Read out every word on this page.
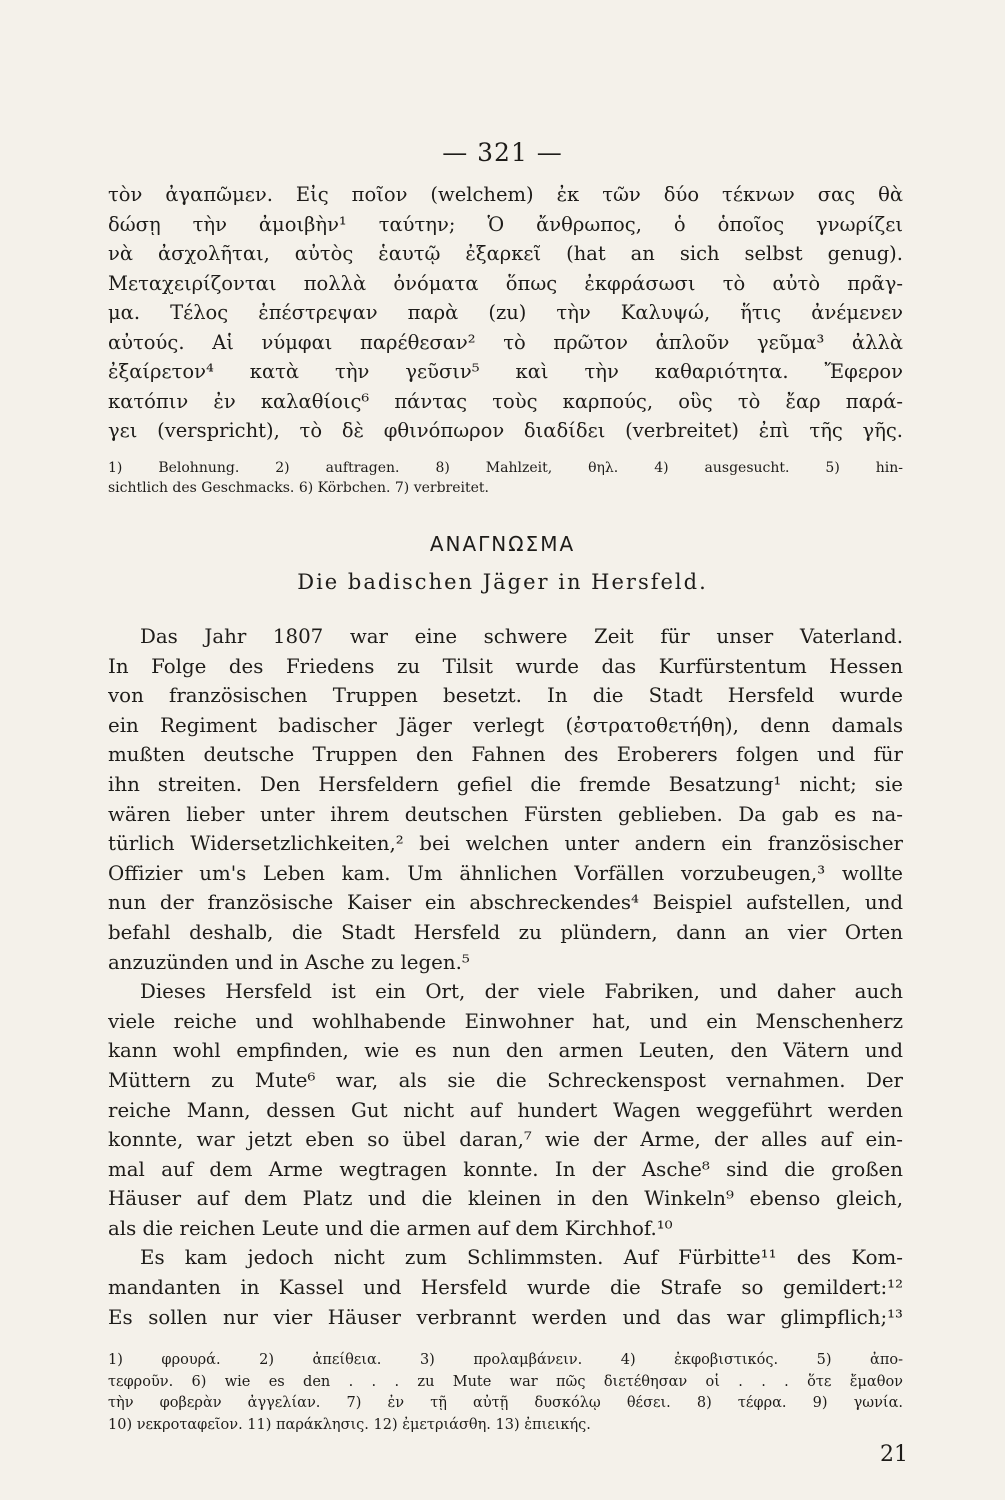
— 321 —
τὸν ἀγαπῶμεν. Εἰς ποῖον (welchem) ἐκ τῶν δύο τέκνων σας θὰ
δώσῃ τὴν ἀμοιβὴν¹ ταύτην; Ὁ ἄνθρωπος, ὁ ὁποῖος γνωρίζει
νὰ ἀσχολῆται, αὐτὸς ἑαυτῷ ἐξαρκεῖ (hat an sich selbst genug).
Μεταχειρίζονται πολλὰ ὀνόματα ὅπως ἐκφράσωσι τὸ αὐτὸ πρᾶγ-
μα. Τέλος ἐπέστρεψαν παρὰ (zu) τὴν Καλυψώ, ἥτις ἀνέμενεν
αὐτούς. Αἱ νύμφαι παρέθεσαν² τὸ πρῶτον ἁπλοῦν γεῦμα³ ἀλλὰ
ἐξαίρετον⁴ κατὰ τὴν γεῦσιν⁵ καὶ τὴν καθαριότητα. Ἔφερον
κατόπιν ἐν καλαθίοις⁶ πάντας τοὺς καρπούς, οὓς τὸ ἔαρ παρά-
γει (verspricht), τὸ δὲ φθινόπωρον διαδίδει (verbreitet) ἐπὶ τῆς γῆς.
1) Belohnung. 2) auftragen. 8) Mahlzeit, θηλ. 4) ausgesucht. 5) hin-
sichtlich des Geschmacks. 6) Körbchen. 7) verbreitet.
ΑΝΑΓΝΩΣΜΑ
Die badischen Jäger in Hersfeld.
Das Jahr 1807 war eine schwere Zeit für unser Vaterland.
In Folge des Friedens zu Tilsit wurde das Kurfürstentum Hessen
von französischen Truppen besetzt. In die Stadt Hersfeld wurde
ein Regiment badischer Jäger verlegt (ἐστρατοθετήθη), denn damals
mußten deutsche Truppen den Fahnen des Eroberers folgen und für
ihn streiten. Den Hersfeldern gefiel die fremde Besatzung¹ nicht; sie
wären lieber unter ihrem deutschen Fürsten geblieben. Da gab es na-
türlich Widersetzlichkeiten,² bei welchen unter andern ein französischer
Offizier um's Leben kam. Um ähnlichen Vorfällen vorzubeugen,³ wollte
nun der französische Kaiser ein abschreckendes⁴ Beispiel aufstellen, und
befahl deshalb, die Stadt Hersfeld zu plündern, dann an vier Orten
anzuzünden und in Asche zu legen.⁵
Dieses Hersfeld ist ein Ort, der viele Fabriken, und daher auch
viele reiche und wohlhabende Einwohner hat, und ein Menschenherz
kann wohl empfinden, wie es nun den armen Leuten, den Vätern und
Müttern zu Mute⁶ war, als sie die Schreckenspost vernahmen. Der
reiche Mann, dessen Gut nicht auf hundert Wagen weggeführt werden
konnte, war jetzt eben so übel daran,⁷ wie der Arme, der alles auf ein-
mal auf dem Arme wegtragen konnte. In der Asche⁸ sind die großen
Häuser auf dem Platz und die kleinen in den Winkeln⁹ ebenso gleich,
als die reichen Leute und die armen auf dem Kirchhof.¹⁰
Es kam jedoch nicht zum Schlimmsten. Auf Fürbitte¹¹ des Kom-
mandanten in Kassel und Hersfeld wurde die Strafe so gemildert:¹²
Es sollen nur vier Häuser verbrannt werden und das war glimpflich;¹³
1) φρουρά. 2) ἀπείθεια. 3) προλαμβάνειν. 4) ἐκφοβιστικός. 5) ἀπο-
τεφροῦν. 6) wie es den . . . zu Mute war πῶς διετέθησαν οἱ . . . ὅτε ἔμαθον
τὴν φοβερὰν ἀγγελίαν. 7) ἐν τῇ αὐτῇ δυσκόλῳ θέσει. 8) τέφρα. 9) γωνία.
10) νεκροταφεῖον. 11) παράκλησις. 12) ἐμετριάσθη. 13) ἐπιεικής.
21
